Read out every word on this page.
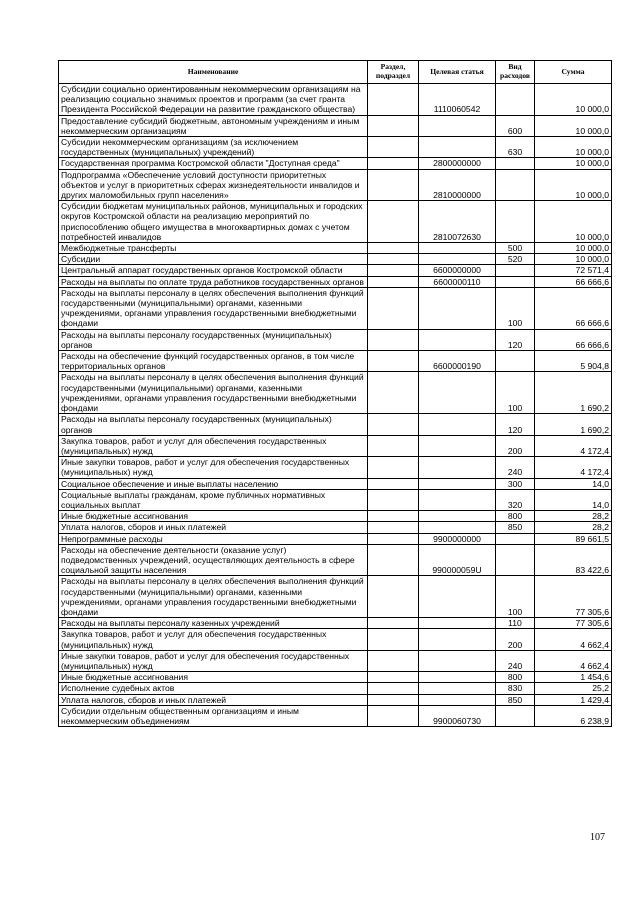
Наименование	Раздел, подраздел	Целевая статья	Вид расходов	Сумма
Субсидии социально ориентированным некоммерческим организациям на реализацию социально значимых проектов и программ (за счет гранта Президента Российской Федерации на развитие гражданского общества)		1110060542		10 000,0
Предоставление субсидий бюджетным, автономным учреждениям и иным некоммерческим организациям			600	10 000,0
Субсидии некоммерческим организациям (за исключением государственных (муниципальных) учреждений)			630	10 000,0
Государственная программа Костромской области "Доступная среда"		2800000000		10 000,0
Подпрограмма «Обеспечение условий доступности приоритетных объектов и услуг в приоритетных сферах жизнедеятельности инвалидов и других маломобильных групп населения»		2810000000		10 000,0
Субсидии бюджетам муниципальных районов, муниципальных и городских округов Костромской области на реализацию мероприятий по приспособлению общего имущества в многоквартирных домах с учетом потребностей инвалидов		2810072630		10 000,0
Межбюджетные трансферты			500	10 000,0
Субсидии			520	10 000,0
Центральный аппарат государственных органов Костромской области		6600000000		72 571,4
Расходы на выплаты по оплате труда работников государственных органов		6600000110		66 666,6
Расходы на выплаты персоналу в целях обеспечения выполнения функций государственными (муниципальными) органами, казенными учреждениями, органами управления государственными внебюджетными фондами			100	66 666,6
Расходы на выплаты персоналу государственных (муниципальных) органов			120	66 666,6
Расходы на обеспечение функций государственных органов, в том числе территориальных органов		6600000190		5 904,8
Расходы на выплаты персоналу в целях обеспечения выполнения функций государственными (муниципальными) органами, казенными учреждениями, органами управления государственными внебюджетными фондами			100	1 690,2
Расходы на выплаты персоналу государственных (муниципальных) органов			120	1 690,2
Закупка товаров, работ и услуг для обеспечения государственных (муниципальных) нужд			200	4 172,4
Иные закупки товаров, работ и услуг для обеспечения государственных (муниципальных) нужд			240	4 172,4
Социальное обеспечение и иные выплаты населению			300	14,0
Социальные выплаты гражданам, кроме публичных нормативных социальных выплат			320	14,0
Иные бюджетные ассигнования			800	28,2
Уплата налогов, сборов и иных платежей			850	28,2
Непрограммные расходы		9900000000		89 661,5
Расходы на обеспечение деятельности (оказание услуг) подведомственных учреждений, осуществляющих деятельность в сфере социальной защиты населения		990000059U		83 422,6
Расходы на выплаты персоналу в целях обеспечения выполнения функций государственными (муниципальными) органами, казенными учреждениями, органами управления государственными внебюджетными фондами			100	77 305,6
Расходы на выплаты персоналу казенных учреждений			110	77 305,6
Закупка товаров, работ и услуг для обеспечения государственных (муниципальных) нужд			200	4 662,4
Иные закупки товаров, работ и услуг для обеспечения государственных (муниципальных) нужд			240	4 662,4
Иные бюджетные ассигнования			800	1 454,6
Исполнение судебных актов			830	25,2
Уплата налогов, сборов и иных платежей			850	1 429,4
Субсидии отдельным общественным организациям и иным некоммерческим объединениям		9900060730		6 238,9
107
